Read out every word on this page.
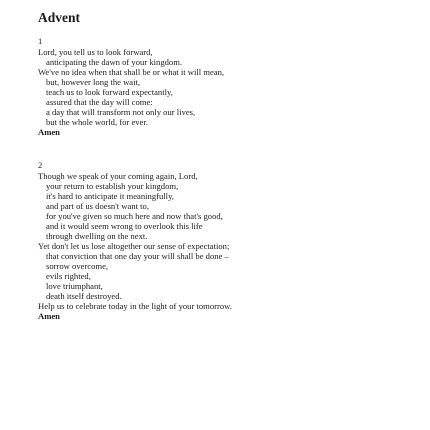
Advent
1
Lord, you tell us to look forward,
anticipating the dawn of your kingdom.
We've no idea when that shall be or what it will mean,
but, however long the wait,
teach us to look forward expectantly,
assured that the day will come:
a day that will transform not only our lives,
but the whole world, for ever.
Amen
2
Though we speak of your coming again, Lord,
your return to establish your kingdom,
it's hard to anticipate it meaningfully,
and part of us doesn't want to,
for you've given so much here and now that's good,
and it would seem wrong to overlook this life
through dwelling on the next.
Yet don't let us lose altogether our sense of expectation;
that conviction that one day your will shall be done –
sorrow overcome,
evils righted,
love triumphant,
death itself destroyed.
Help us to celebrate today in the light of your tomorrow.
Amen
